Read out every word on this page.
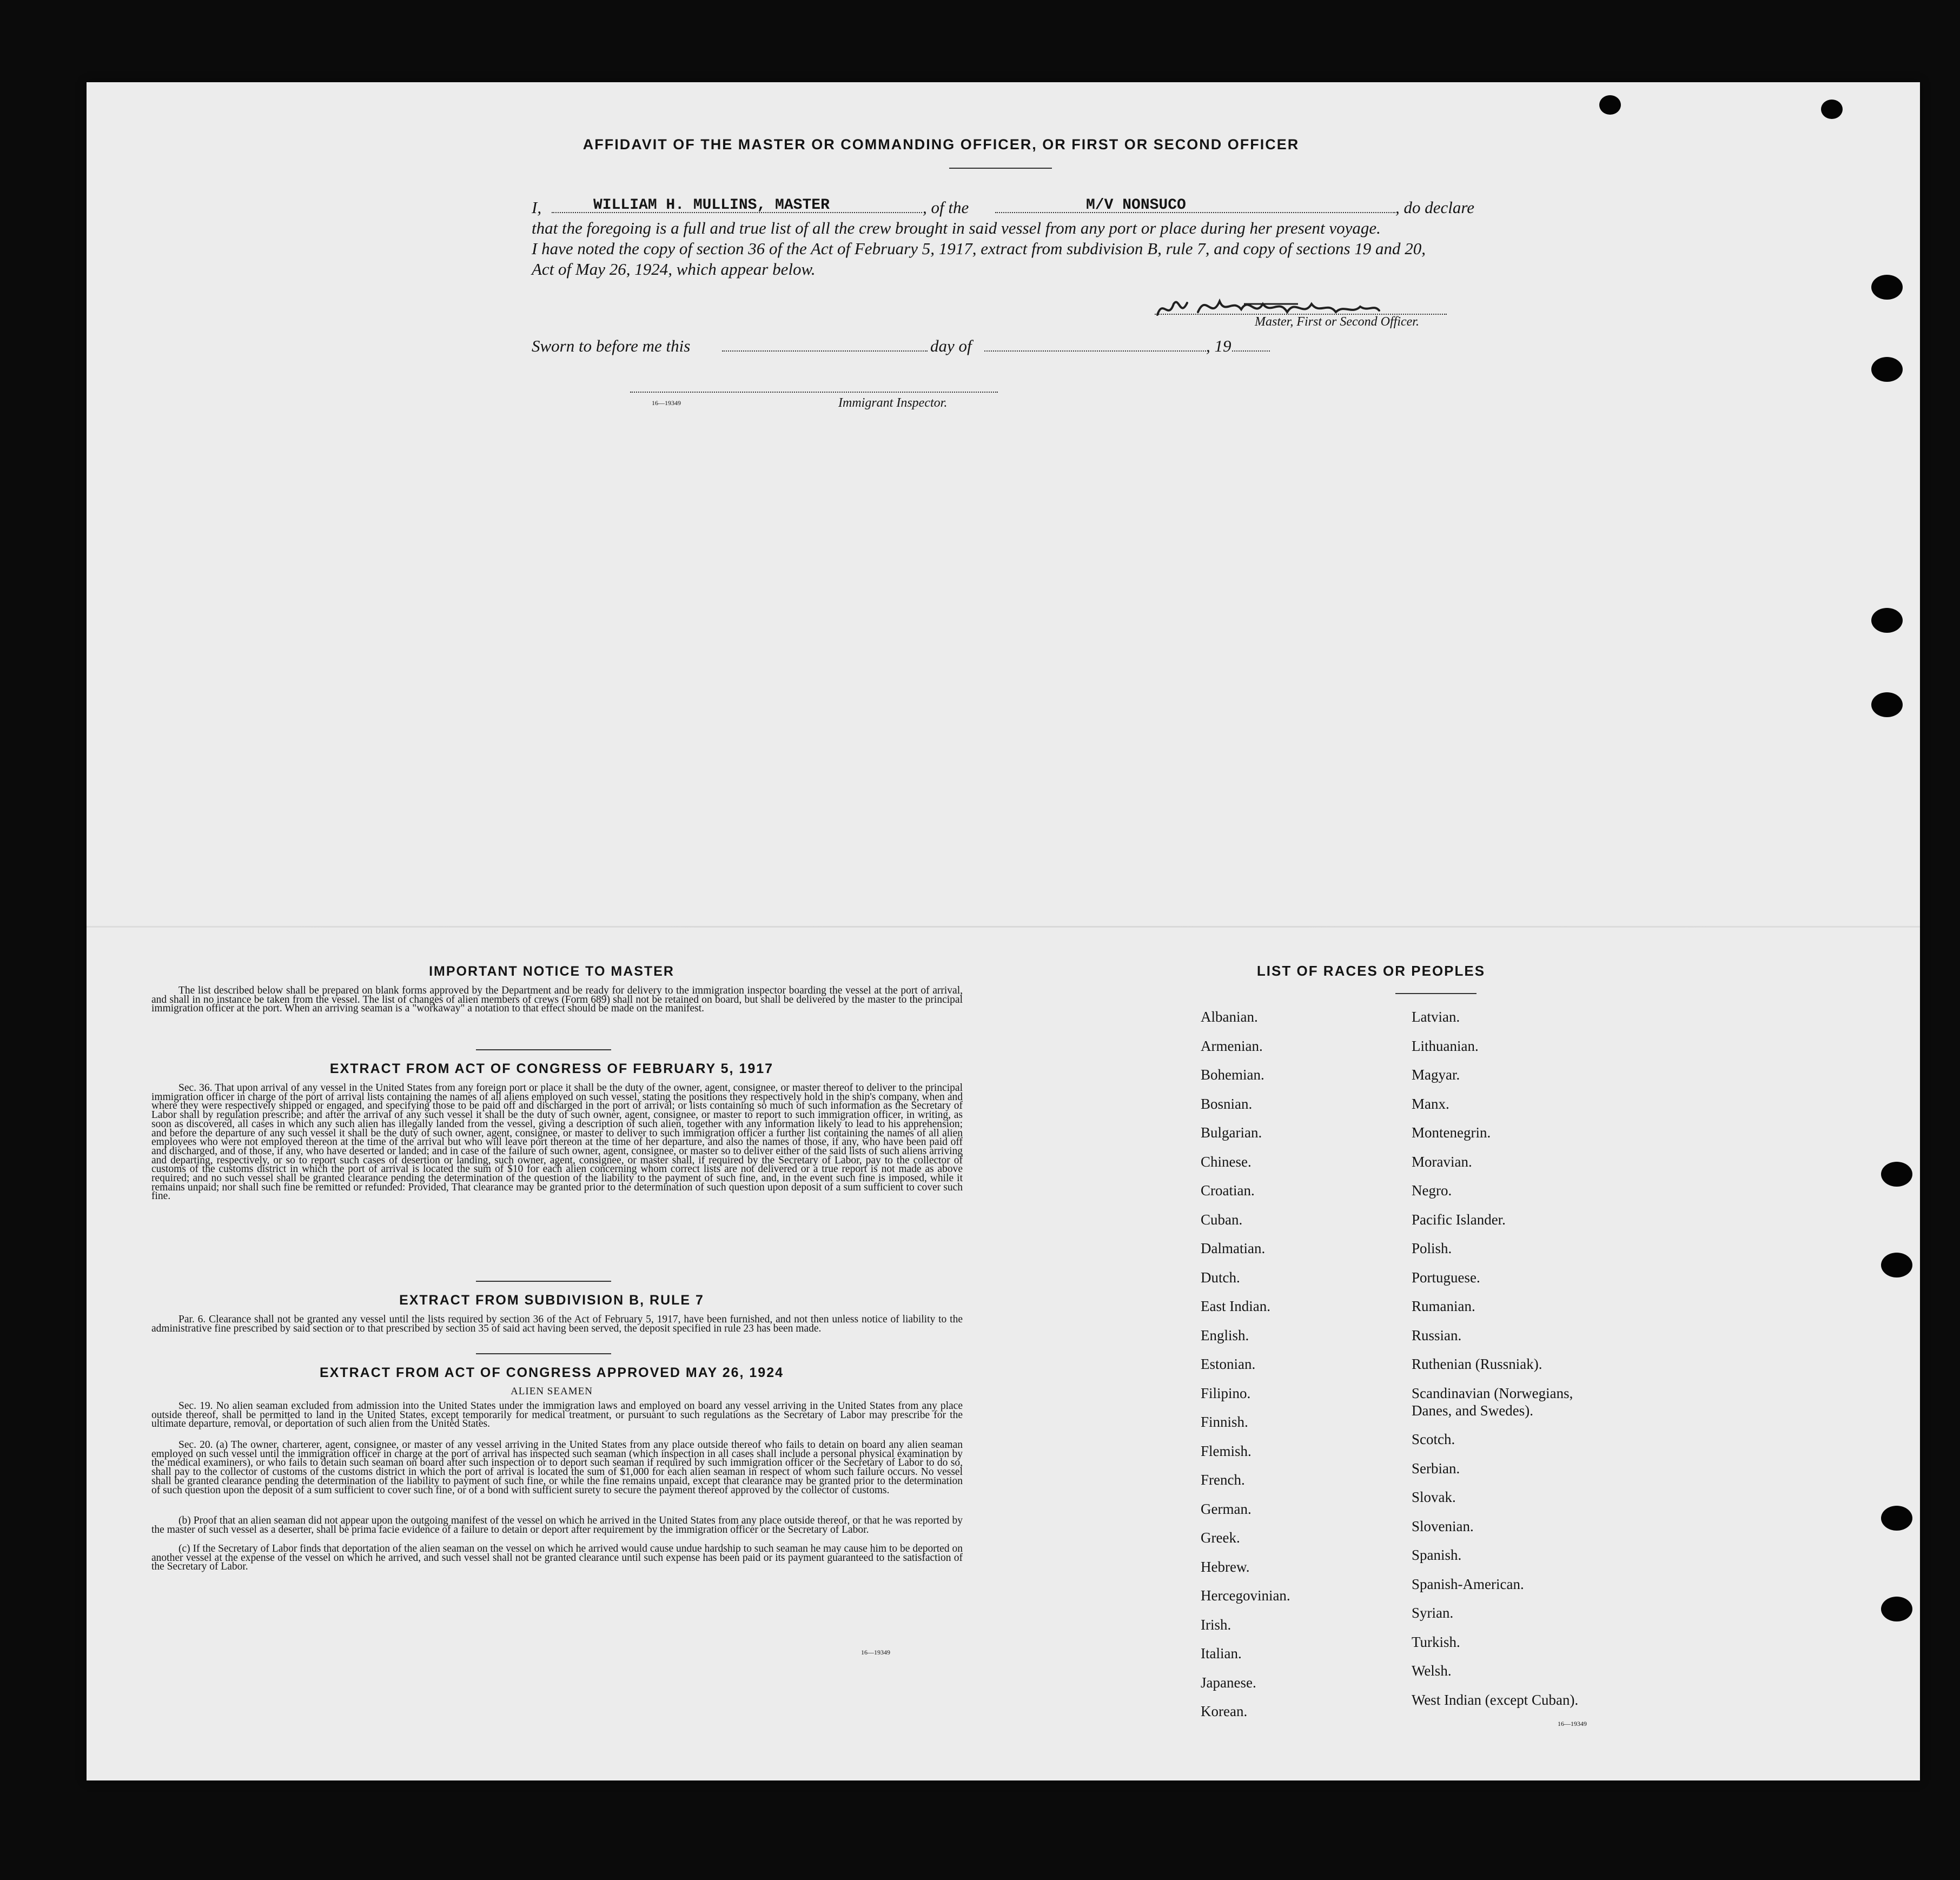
AFFIDAVIT OF THE MASTER OR COMMANDING OFFICER, OR FIRST OR SECOND OFFICER
I,	WILLIAM H. MULLINS, MASTER	, of the	M/V NONSUCO	, do declare
that the foregoing is a full and true list of all the crew brought in said vessel from any port or place during her present voyage.
I have noted the copy of section 36 of the Act of February 5, 1917, extract from subdivision B, rule 7, and copy of sections 19 and 20,
Act of May 26, 1924, which appear below.
Master, First or Second Officer.
Sworn to before me this	day of	, 19
16—19349	Immigrant Inspector.
IMPORTANT NOTICE TO MASTER
The list described below shall be prepared on blank forms approved by the Department and be ready for delivery to the immigration inspector boarding the vessel at the port of arrival, and shall in no instance be taken from the vessel. The list of changes of alien members of crews (Form 689) shall not be retained on board, but shall be delivered by the master to the principal immigration officer at the port. When an arriving seaman is a "workaway" a notation to that effect should be made on the manifest.
EXTRACT FROM ACT OF CONGRESS OF FEBRUARY 5, 1917
Sec. 36. That upon arrival of any vessel in the United States from any foreign port or place it shall be the duty of the owner, agent, consignee, or master thereof to deliver to the principal immigration officer in charge of the port of arrival lists containing the names of all aliens employed on such vessel, stating the positions they respectively hold in the ship's company, when and where they were respectively shipped or engaged, and specifying those to be paid off and discharged in the port of arrival; or lists containing so much of such information as the Secretary of Labor shall by regulation prescribe; and after the arrival of any such vessel it shall be the duty of such owner, agent, consignee, or master to report to such immigration officer, in writing, as soon as discovered, all cases in which any such alien has illegally landed from the vessel, giving a description of such alien, together with any information likely to lead to his apprehension; and before the departure of any such vessel it shall be the duty of such owner, agent, consignee, or master to deliver to such immigration officer a further list containing the names of all alien employees who were not employed thereon at the time of the arrival but who will leave port thereon at the time of her departure, and also the names of those, if any, who have been paid off and discharged, and of those, if any, who have deserted or landed; and in case of the failure of such owner, agent, consignee, or master so to deliver either of the said lists of such aliens arriving and departing, respectively, or so to report such cases of desertion or landing, such owner, agent, consignee, or master shall, if required by the Secretary of Labor, pay to the collector of customs of the customs district in which the port of arrival is located the sum of $10 for each alien concerning whom correct lists are not delivered or a true report is not made as above required; and no such vessel shall be granted clearance pending the determination of the question of the liability to the payment of such fine, and, in the event such fine is imposed, while it remains unpaid; nor shall such fine be remitted or refunded: Provided, That clearance may be granted prior to the determination of such question upon deposit of a sum sufficient to cover such fine.
EXTRACT FROM SUBDIVISION B, RULE 7
Par. 6. Clearance shall not be granted any vessel until the lists required by section 36 of the Act of February 5, 1917, have been furnished, and not then unless notice of liability to the administrative fine prescribed by said section or to that prescribed by section 35 of said act having been served, the deposit specified in rule 23 has been made.
EXTRACT FROM ACT OF CONGRESS APPROVED MAY 26, 1924
ALIEN SEAMEN
Sec. 19. No alien seaman excluded from admission into the United States under the immigration laws and employed on board any vessel arriving in the United States from any place outside thereof, shall be permitted to land in the United States, except temporarily for medical treatment, or pursuant to such regulations as the Secretary of Labor may prescribe for the ultimate departure, removal, or deportation of such alien from the United States.
Sec. 20. (a) The owner, charterer, agent, consignee, or master of any vessel arriving in the United States from any place outside thereof who fails to detain on board any alien seaman employed on such vessel until the immigration officer in charge at the port of arrival has inspected such seaman (which inspection in all cases shall include a personal physical examination by the medical examiners), or who fails to detain such seaman on board after such inspection or to deport such seaman if required by such immigration officer or the Secretary of Labor to do so, shall pay to the collector of customs of the customs district in which the port of arrival is located the sum of $1,000 for each alien seaman in respect of whom such failure occurs. No vessel shall be granted clearance pending the determination of the liability to payment of such fine, or while the fine remains unpaid, except that clearance may be granted prior to the determination of such question upon the deposit of a sum sufficient to cover such fine, or of a bond with sufficient surety to secure the payment thereof approved by the collector of customs.
(b) Proof that an alien seaman did not appear upon the outgoing manifest of the vessel on which he arrived in the United States from any place outside thereof, or that he was reported by the master of such vessel as a deserter, shall be prima facie evidence of a failure to detain or deport after requirement by the immigration officer or the Secretary of Labor.
(c) If the Secretary of Labor finds that deportation of the alien seaman on the vessel on which he arrived would cause undue hardship to such seaman he may cause him to be deported on another vessel at the expense of the vessel on which he arrived, and such vessel shall not be granted clearance until such expense has been paid or its payment guaranteed to the satisfaction of the Secretary of Labor.
16—19349
LIST OF RACES OR PEOPLES
Albanian.
Armenian.
Bohemian.
Bosnian.
Bulgarian.
Chinese.
Croatian.
Cuban.
Dalmatian.
Dutch.
East Indian.
English.
Estonian.
Filipino.
Finnish.
Flemish.
French.
German.
Greek.
Hebrew.
Hercegovinian.
Irish.
Italian.
Japanese.
Korean.
Latvian.
Lithuanian.
Magyar.
Manx.
Montenegrin.
Moravian.
Negro.
Pacific Islander.
Polish.
Portuguese.
Rumanian.
Russian.
Ruthenian (Russniak).
Scandinavian (Norwegians,
Danes, and Swedes).
Scotch.
Serbian.
Slovak.
Slovenian.
Spanish.
Spanish-American.
Syrian.
Turkish.
Welsh.
West Indian (except Cuban).
16—19349
